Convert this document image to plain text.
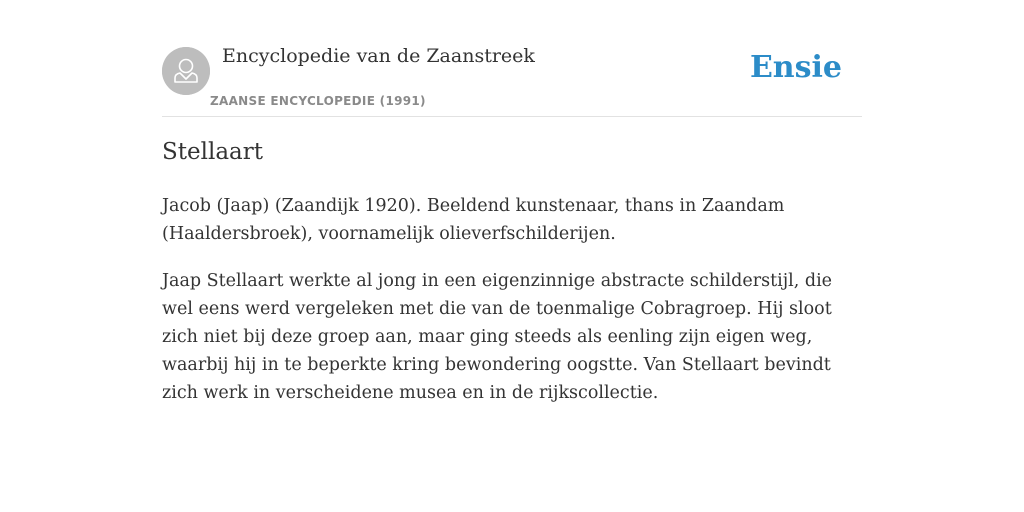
Encyclopedie van de Zaanstreek
ZAANSE ENCYCLOPEDIE (1991)
Ensie
Stellaart

Jacob (Jaap) (Zaandijk 1920). Beeldend kunstenaar, thans in Zaandam (Haaldersbroek), voornamelijk olieverfschilderijen.

Jaap Stellaart werkte al jong in een eigenzinnige abstracte schilderstijl, die wel eens werd vergeleken met die van de toenmalige Cobragroep. Hij sloot zich niet bij deze groep aan, maar ging steeds als eenling zijn eigen weg, waarbij hij in te beperkte kring bewondering oogstte. Van Stellaart bevindt zich werk in verscheidene musea en in de rijkscollectie.
